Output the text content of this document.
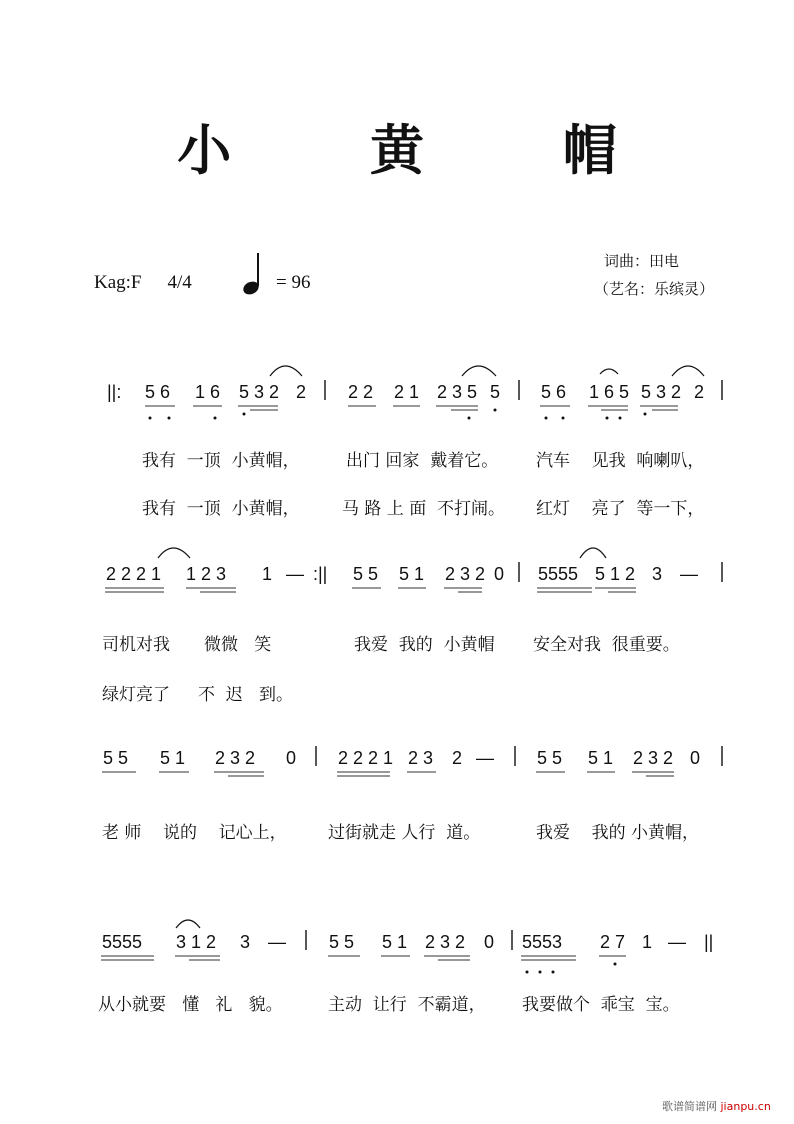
小 黄 帽
Kag:F 4/4	= 96
词曲：田电
（艺名：乐缤灵）
||: 5 6 1 6 5 3 2 2 2 2 2 1 2 3 5 5 5 6 1 6 5 5 3 2 2
2 2 2 1 1 2 3 1 — :|| 5 5 5 1 2 3 2 0 5555 5 1 2 3 —
5 5 5 1 2 3 2 0 2 2 2 1 2 3 2 — 5 5 5 1 2 3 2 0
5555 3 1 2 3 — 5 5 5 1 2 3 2 0 5553 2 7 1 — ||
我有  一顶  小黄帽，	出门 回家  戴着它。 汽车    见我  响喇叭，
我有  一顶  小黄帽， 马 路 上 面  不打闹。 红灯    亮了  等一下，
司机对我 微微   笑	我爱  我的  小黄帽 安全对我  很重要。
绿灯亮了 不  迟   到。
老 师    说的    记心上， 过街就走 人行  道。	我爱    我的 小黄帽，
从小就要   懂   礼   貌。	主动  让行  不霸道， 我要做个  乖宝  宝。
歌谱简谱网 jianpu.cn
